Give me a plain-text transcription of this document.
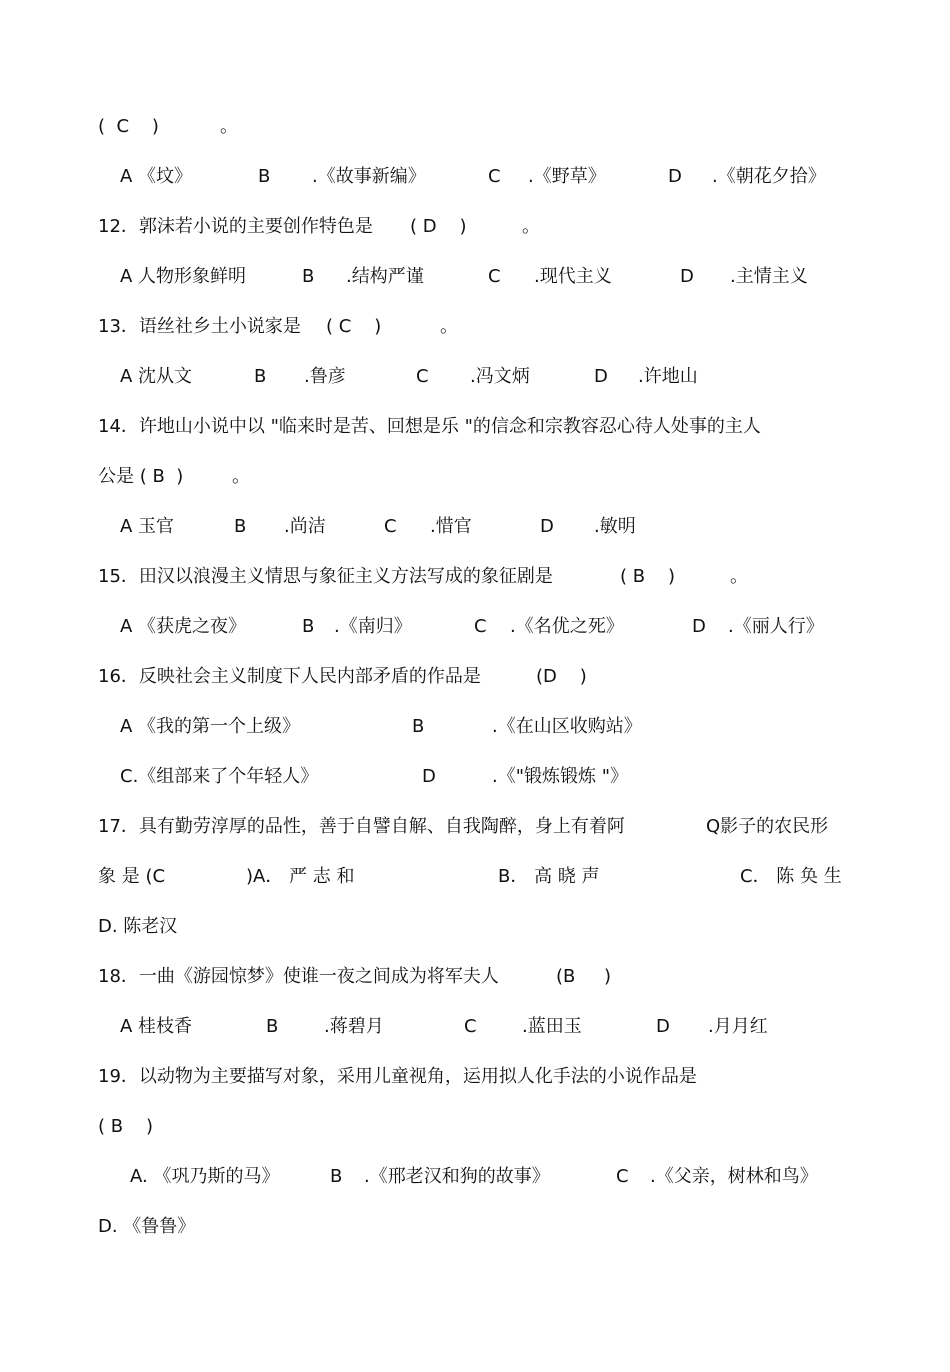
(  C    )

	。

A 《坟》

	B

.《故事新编》

	C

.《野草》

	D

.《朝花夕拾》

12．郭沫若小说的主要创作特色是

( D    )

	。

A 人物形象鲜明

	B

.结构严谨

	C

.现代主义

	D

.主情主义

13．语丝社乡土小说家是

( C    )

	。

A 沈从文

	B

.鲁彦

	C

.冯文炳

	D

.许地山

14．许地山小说中以 "临来时是苦、回想是乐 "的信念和宗教容忍心待人处事的主人

公是 ( B  )

	。

A 玉官

	B

.尚洁

	C

.惜官

	D

.敏明

15．田汉以浪漫主义情思与象征主义方法写成的象征剧是

	( B    )

	。

A 《获虎之夜》

	B

.《南归》

	C

.《名优之死》

	D

.《丽人行》

16．反映社会主义制度下人民内部矛盾的作品是

	(D    )

A 《我的第一个上级》

	B

	.《在山区收购站》

C.《组部来了个年轻人》

	D

	.《"锻炼锻炼 "》

17．具有勤劳淳厚的品性，善于自譬自解、自我陶醉，身上有着阿

	Q影子的农民形

象 是 (C

	)A． 严 志 和

	B． 高 晓 声

	C． 陈 奂 生

D. 陈老汉

18．一曲《游园惊梦》使谁一夜之间成为将军夫人

	(B     )

A 桂枝香

	B

	.蒋碧月

	C

	.蓝田玉

	D

.月月红

19．以动物为主要描写对象，采用儿童视角，运用拟人化手法的小说作品是

( B    )

A. 《巩乃斯的马》

	B

.《邢老汉和狗的故事》

	C

.《父亲，树林和鸟》

D. 《鲁鲁》
